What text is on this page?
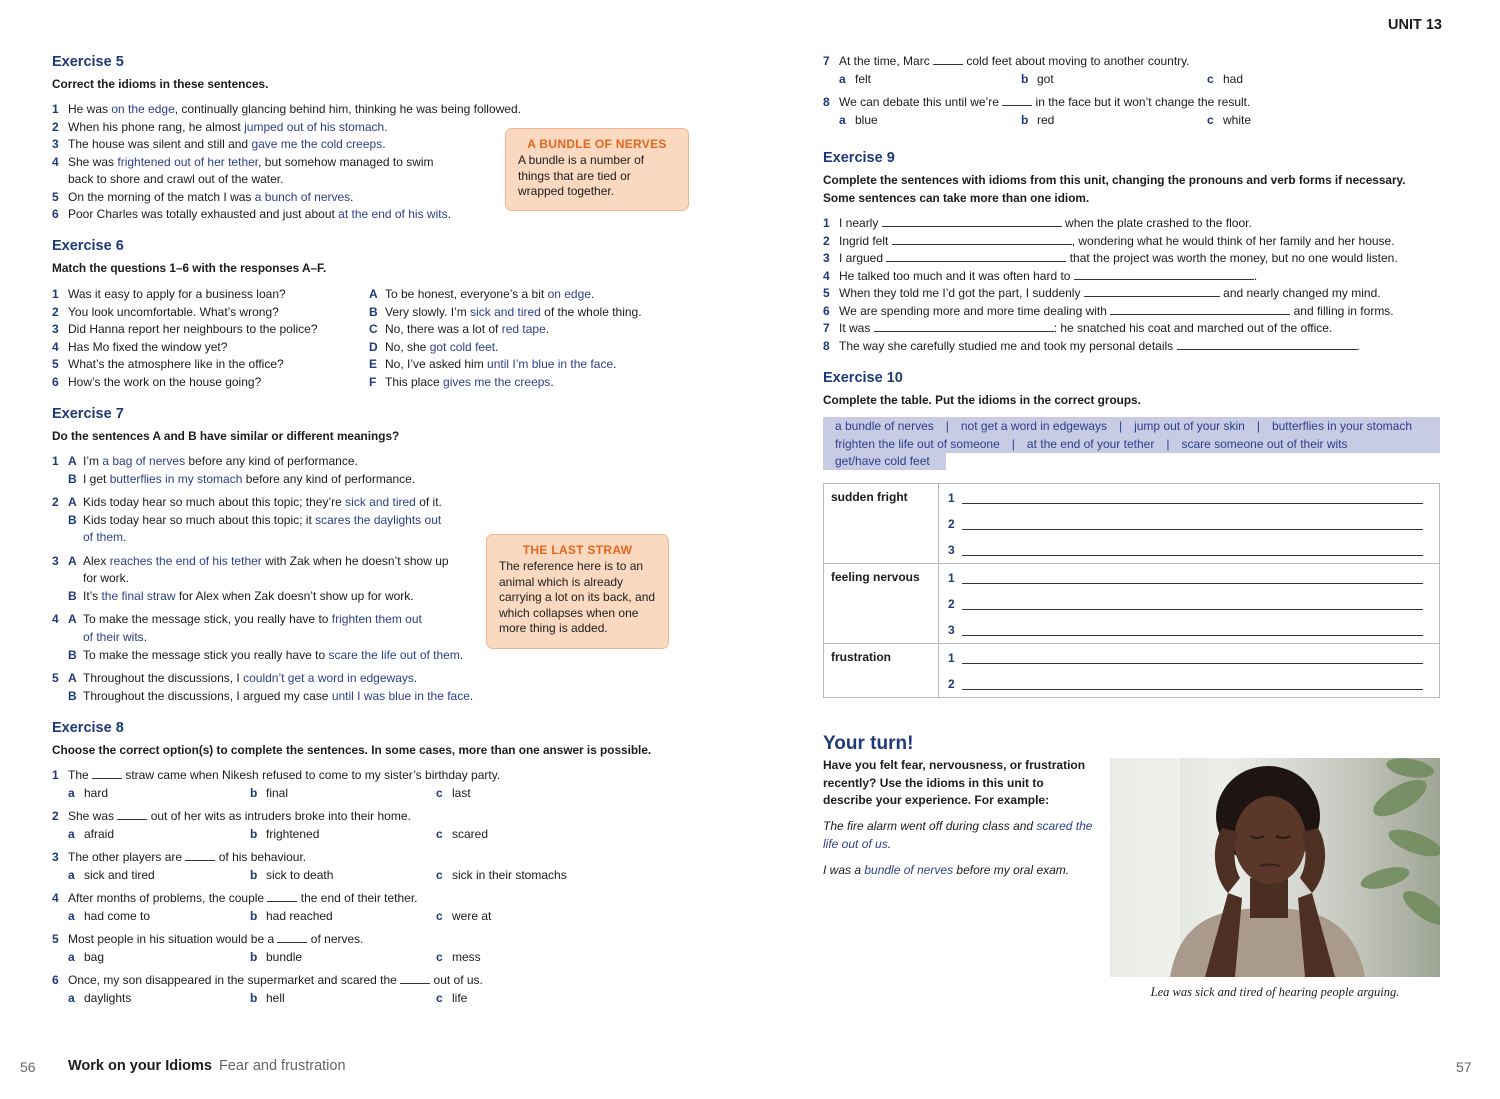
UNIT 13
Exercise 5
Correct the idioms in these sentences.
1 He was on the edge, continually glancing behind him, thinking he was being followed.
2 When his phone rang, he almost jumped out of his stomach.
3 The house was silent and still and gave me the cold creeps.
4 She was frightened out of her tether, but somehow managed to swim
back to shore and crawl out of the water.
5 On the morning of the match I was a bunch of nerves.
6 Poor Charles was totally exhausted and just about at the end of his wits.
A BUNDLE OF NERVES
A bundle is a number of things that are tied or wrapped together.
Exercise 6
Match the questions 1–6 with the responses A–F.
1 Was it easy to apply for a business loan?
2 You look uncomfortable. What’s wrong?
3 Did Hanna report her neighbours to the police?
4 Has Mo fixed the window yet?
5 What’s the atmosphere like in the office?
6 How’s the work on the house going?
A To be honest, everyone’s a bit on edge.
B Very slowly. I’m sick and tired of the whole thing.
C No, there was a lot of red tape.
D No, she got cold feet.
E No, I’ve asked him until I’m blue in the face.
F This place gives me the creeps.
Exercise 7
Do the sentences A and B have similar or different meanings?
1 A I’m a bag of nerves before any kind of performance.
B I get butterflies in my stomach before any kind of performance.
2 A Kids today hear so much about this topic; they’re sick and tired of it.
B Kids today hear so much about this topic; it scares the daylights out
of them.
3 A Alex reaches the end of his tether with Zak when he doesn’t show up
for work.
B It’s the final straw for Alex when Zak doesn’t show up for work.
4 A To make the message stick, you really have to frighten them out
of their wits.
B To make the message stick you really have to scare the life out of them.
5 A Throughout the discussions, I couldn’t get a word in edgeways.
B Throughout the discussions, I argued my case until I was blue in the face.
THE LAST STRAW
The reference here is to an animal which is already carrying a lot on its back, and which collapses when one more thing is added.
Exercise 8
Choose the correct option(s) to complete the sentences. In some cases, more than one answer is possible.
1 The	straw came when Nikesh refused to come to my sister’s birthday party.
a hard	b final	c last
2 She was	out of her wits as intruders broke into their home.
a afraid	b frightened	c scared
3 The other players are	of his behaviour.
a sick and tired	b sick to death	c sick in their stomachs
4 After months of problems, the couple	the end of their tether.
a had come to	b had reached	c were at
5 Most people in his situation would be a	of nerves.
a bag	b bundle	c mess
6 Once, my son disappeared in the supermarket and scared the	out of us.
a daylights	b hell	c life
7 At the time, Marc	cold feet about moving to another country.
a felt	b got	c had
8 We can debate this until we’re	in the face but it won’t change the result.
a blue	b red	c white
Exercise 9
Complete the sentences with idioms from this unit, changing the pronouns and verb forms if necessary.
Some sentences can take more than one idiom.
1 I nearly	when the plate crashed to the floor.
2 Ingrid felt	, wondering what he would think of her family and her house.
3 I argued	that the project was worth the money, but no one would listen.
4 He talked too much and it was often hard to	.
5 When they told me I’d got the part, I suddenly	and nearly changed my mind.
6 We are spending more and more time dealing with	and filling in forms.
7 It was	: he snatched his coat and marched out of the office.
8 The way she carefully studied me and took my personal details	.
Exercise 10
Complete the table. Put the idioms in the correct groups.
a bundle of nerves | not get a word in edgeways | jump out of your skin | butterflies in your stomach
frighten the life out of someone | at the end of your tether | scare someone out of their wits
get/have cold feet
sudden fright	1
2
3

feeling nervous	1
2
3

frustration	1
2
Your turn!
Have you felt fear, nervousness, or frustration recently? Use the idioms in this unit to describe your experience. For example:
The fire alarm went off during class and scared the life out of us.
I was a bundle of nerves before my oral exam.
Lea was sick and tired of hearing people arguing.
56 Work on your Idioms Fear and frustration	57
